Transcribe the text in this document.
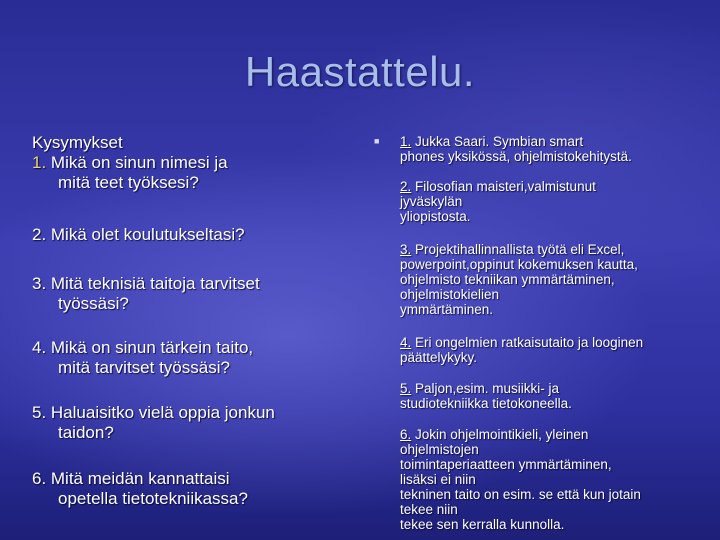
Haastattelu.
Kysymykset
1. Mikä on sinun nimesi ja
mitä teet työksesi?
2. Mikä olet koulutukseltasi?
3. Mitä teknisiä taitoja tarvitset
työssäsi?
4. Mikä on sinun tärkein taito,
mitä tarvitset työssäsi?
5. Haluaisitko vielä oppia jonkun
taidon?
6. Mitä meidän kannattaisi
opetella tietotekniikassa?
■	1. Jukka Saari. Symbian smart
phones yksikössä, ohjelmistokehitystä.
2. Filosofian maisteri,valmistunut
jyväskylän
yliopistosta.
3. Projektihallinnallista työtä eli Excel,
powerpoint,oppinut kokemuksen kautta,
ohjelmisto tekniikan ymmärtäminen,
ohjelmistokielien
ymmärtäminen.
4. Eri ongelmien ratkaisutaito ja looginen
päättelykyky.
5. Paljon,esim. musiikki- ja
studiotekniikka tietokoneella.
6. Jokin ohjelmointikieli, yleinen
ohjelmistojen
toimintaperiaatteen ymmärtäminen,
lisäksi ei niin
tekninen taito on esim. se että kun jotain
tekee niin
tekee sen kerralla kunnolla.
